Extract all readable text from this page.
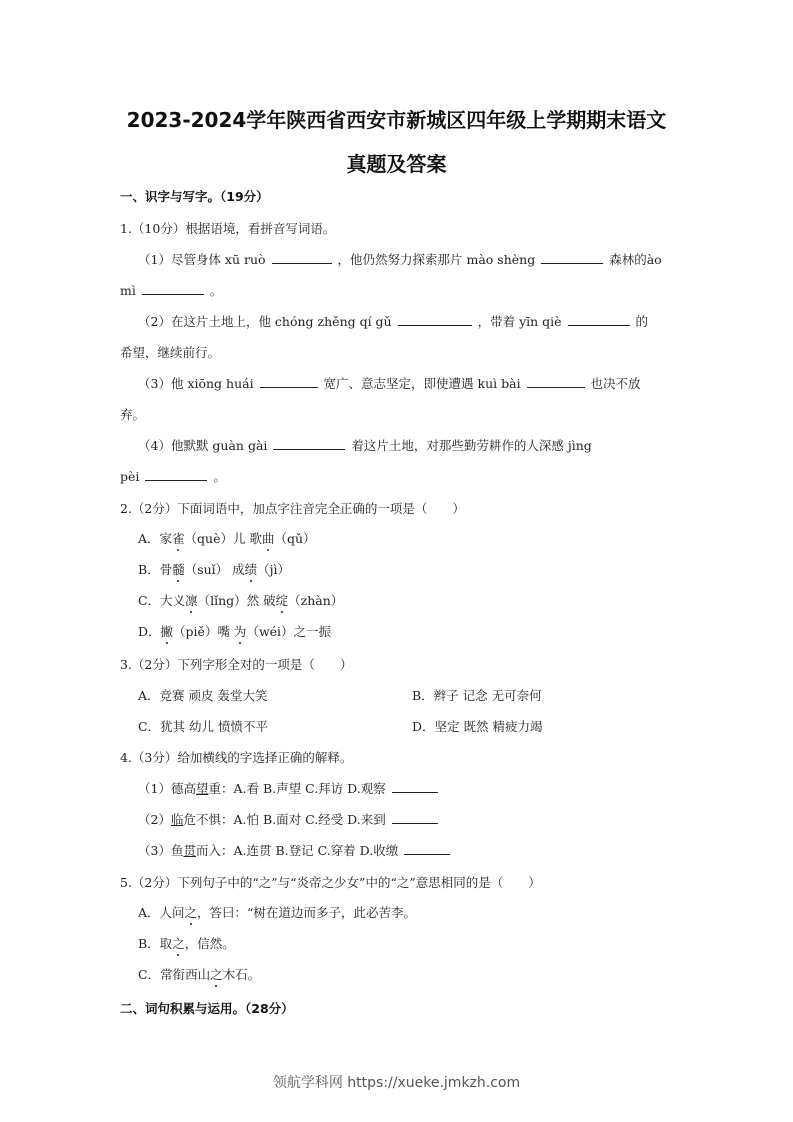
2023-2024学年陕西省西安市新城区四年级上学期期末语文
真题及答案
一、识字与写字。（19分）
1.（10分）根据语境，看拼音写词语。
（1）尽管身体 xū ruò	，他仍然努力探索那片 mào shèng	森林的ào
mì	。
（2）在这片土地上，他 chóng zhěng qí gǔ	，带着 yīn qiè	的
希望，继续前行。
（3）他 xiōng huái	宽广、意志坚定，即使遭遇 kuì bài	也决不放
弃。
（4）他默默 guàn gài	着这片土地，对那些勤劳耕作的人深感 jìng
pèi	。
2.（2分）下面词语中，加点字注音完全正确的一项是（　　）
A．家雀（què）儿 歌曲（qǔ）
B．骨髓（suǐ） 成绩（jì）
C．大义凛（lǐng）然 破绽（zhàn）
D．撇（piě）嘴 为（wéi）之一振
3.（2分）下列字形全对的一项是（　　）
A．竞赛 顽皮 轰堂大笑	B．辫子 记念 无可奈何
C．犹其 幼儿 愤愤不平	D．坚定 既然 精疲力竭
4.（3分）给加横线的字选择正确的解释。
（1）德高望重：A.看 B.声望 C.拜访 D.观察
（2）临危不惧：A.怕 B.面对 C.经受 D.来到
（3）鱼贯而入：A.连贯 B.登记 C.穿着 D.收缴
5.（2分）下列句子中的“之”与“炎帝之少女”中的“之”意思相同的是（　　）
A．人问之，答曰：“树在道边而多子，此必苦李。
B．取之，信然。
C．常衔西山之木石。
二、词句积累与运用。（28分）
领航学科网 https://xueke.jmkzh.com
